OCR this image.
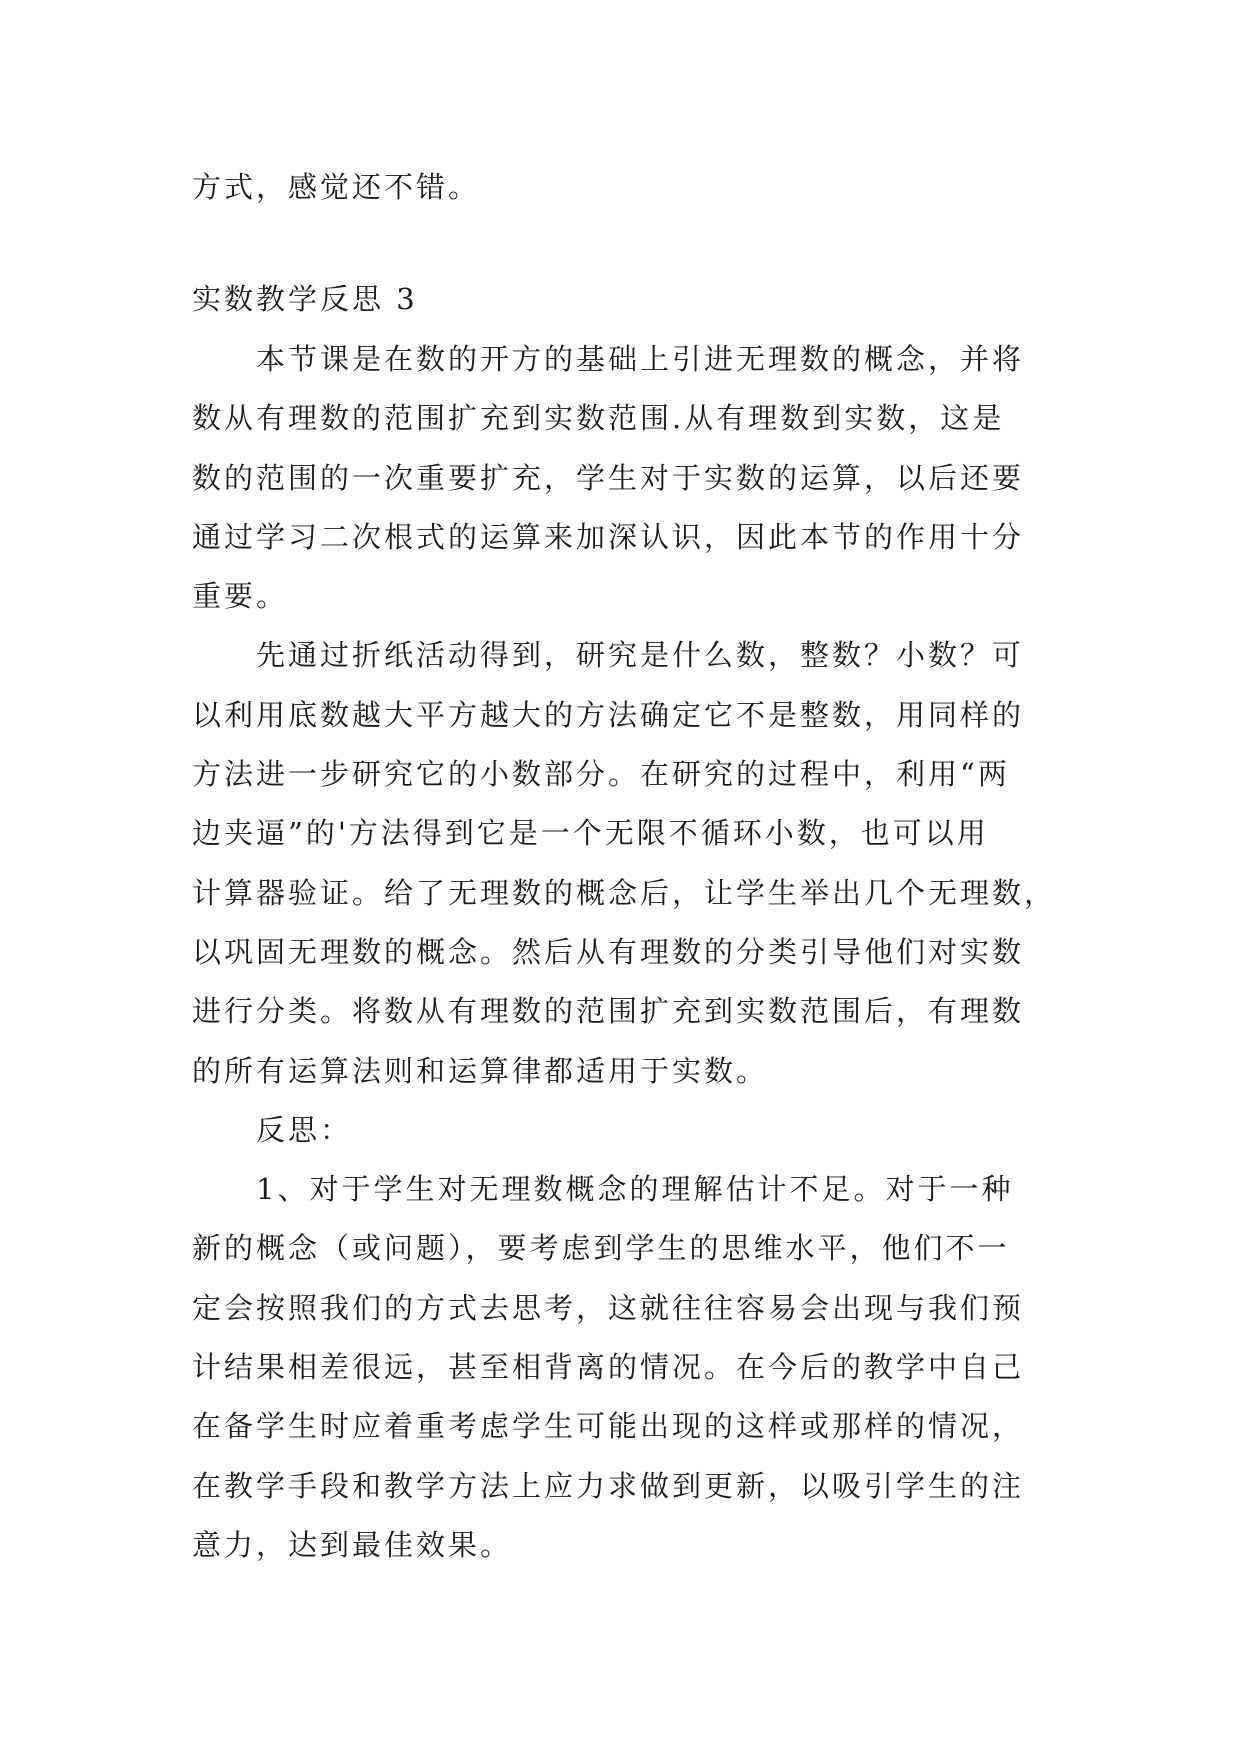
方式，感觉还不错。
实数教学反思 3
本节课是在数的开方的基础上引进无理数的概念，并将
数从有理数的范围扩充到实数范围.从有理数到实数，这是
数的范围的一次重要扩充，学生对于实数的运算，以后还要
通过学习二次根式的运算来加深认识，因此本节的作用十分
重要。
先通过折纸活动得到，研究是什么数，整数？小数？可
以利用底数越大平方越大的方法确定它不是整数，用同样的
方法进一步研究它的小数部分。在研究的过程中，利用“两
边夹逼”的'方法得到它是一个无限不循环小数，也可以用
计算器验证。给了无理数的概念后，让学生举出几个无理数，
以巩固无理数的概念。然后从有理数的分类引导他们对实数
进行分类。将数从有理数的范围扩充到实数范围后，有理数
的所有运算法则和运算律都适用于实数。
反思：
1、对于学生对无理数概念的理解估计不足。对于一种
新的概念（或问题），要考虑到学生的思维水平，他们不一
定会按照我们的方式去思考，这就往往容易会出现与我们预
计结果相差很远，甚至相背离的情况。在今后的教学中自己
在备学生时应着重考虑学生可能出现的这样或那样的情况，
在教学手段和教学方法上应力求做到更新，以吸引学生的注
意力，达到最佳效果。
